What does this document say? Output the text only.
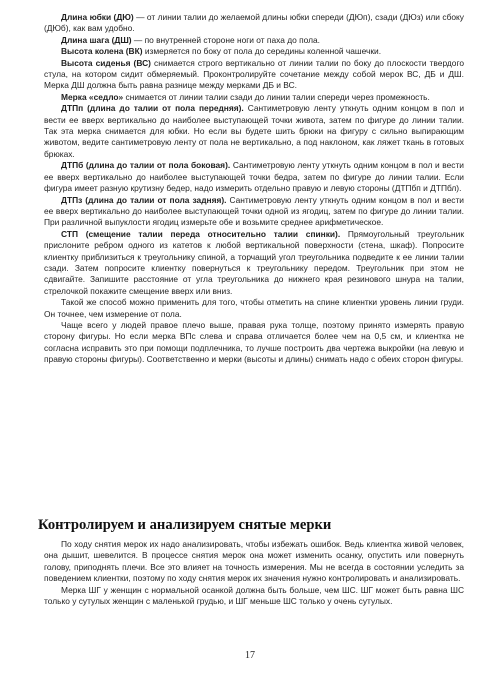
Длина юбки (ДЮ) — от линии талии до желаемой длины юбки спереди (ДЮп), сзади (ДЮз) или сбоку (ДЮб), как вам удобно.

Длина шага (ДШ) — по внутренней стороне ноги от паха до пола.

Высота колена (ВК) измеряется по боку от пола до середины коленной чашечки.

Высота сиденья (ВС) снимается строго вертикально от линии талии по боку до плоскости твердого стула, на котором сидит обмеряемый. Проконтролируйте сочетание между собой мерок ВС, ДБ и ДШ. Мерка ДШ должна быть равна разнице между мерками ДБ и ВС.

Мерка «седло» снимается от линии талии сзади до линии талии спереди через промежность.

ДТПп (длина до талии от пола передняя). Сантиметровую ленту уткнуть одним концом в пол и вести ее вверх вертикально до наиболее выступающей точки живота, затем по фигуре до линии талии. Так эта мерка снимается для юбки. Но если вы будете шить брюки на фигуру с сильно выпирающим животом, ведите сантиметровую ленту от пола не вертикально, а под наклоном, как ляжет ткань в готовых брюках.

ДТПб (длина до талии от пола боковая). Сантиметровую ленту уткнуть одним концом в пол и вести ее вверх вертикально до наиболее выступающей точки бедра, затем по фигуре до линии талии. Если фигура имеет разную крутизну бедер, надо измерить отдельно правую и левую стороны (ДТПбп и ДТПбл).

ДТПз (длина до талии от пола задняя). Сантиметровую ленту уткнуть одним концом в пол и вести ее вверх вертикально до наиболее выступающей точки одной из ягодиц, затем по фигуре до линии талии. При различной выпуклости ягодиц измерьте обе и возьмите среднее арифметическое.

СТП (смещение талии переда относительно талии спинки). Прямоугольный треугольник прислоните ребром одного из катетов к любой вертикальной поверхности (стена, шкаф). Попросите клиентку приблизиться к треугольнику спиной, а торчащий угол треугольника подведите к ее линии талии сзади. Затем попросите клиентку повернуться к треугольнику передом. Треугольник при этом не сдвигайте. Запишите расстояние от угла треугольника до нижнего края резинового шнура на талии, стрелочкой покажите смещение вверх или вниз.

Такой же способ можно применить для того, чтобы отметить на спине клиентки уровень линии груди. Он точнее, чем измерение от пола.

Чаще всего у людей правое плечо выше, правая рука толще, поэтому принято измерять правую сторону фигуры. Но если мерка ВПс слева и справа отличается более чем на 0,5 см, и клиентка не согласна исправить это при помощи подплечника, то лучше построить два чертежа выкройки (на левую и правую стороны фигуры). Соответственно и мерки (высоты и длины) снимать надо с обеих сторон фигуры.

Контролируем и анализируем снятые мерки

По ходу снятия мерок их надо анализировать, чтобы избежать ошибок. Ведь клиентка живой человек, она дышит, шевелится. В процессе снятия мерок она может изменить осанку, опустить или повернуть голову, приподнять плечи. Все это влияет на точность измерения. Мы не всегда в состоянии уследить за поведением клиентки, поэтому по ходу снятия мерок их значения нужно контролировать и анализировать.

Мерка ШГ у женщин с нормальной осанкой должна быть больше, чем ШС. ШГ может быть равна ШС только у сутулых женщин с маленькой грудью, и ШГ меньше ШС только у очень сутулых.

17
